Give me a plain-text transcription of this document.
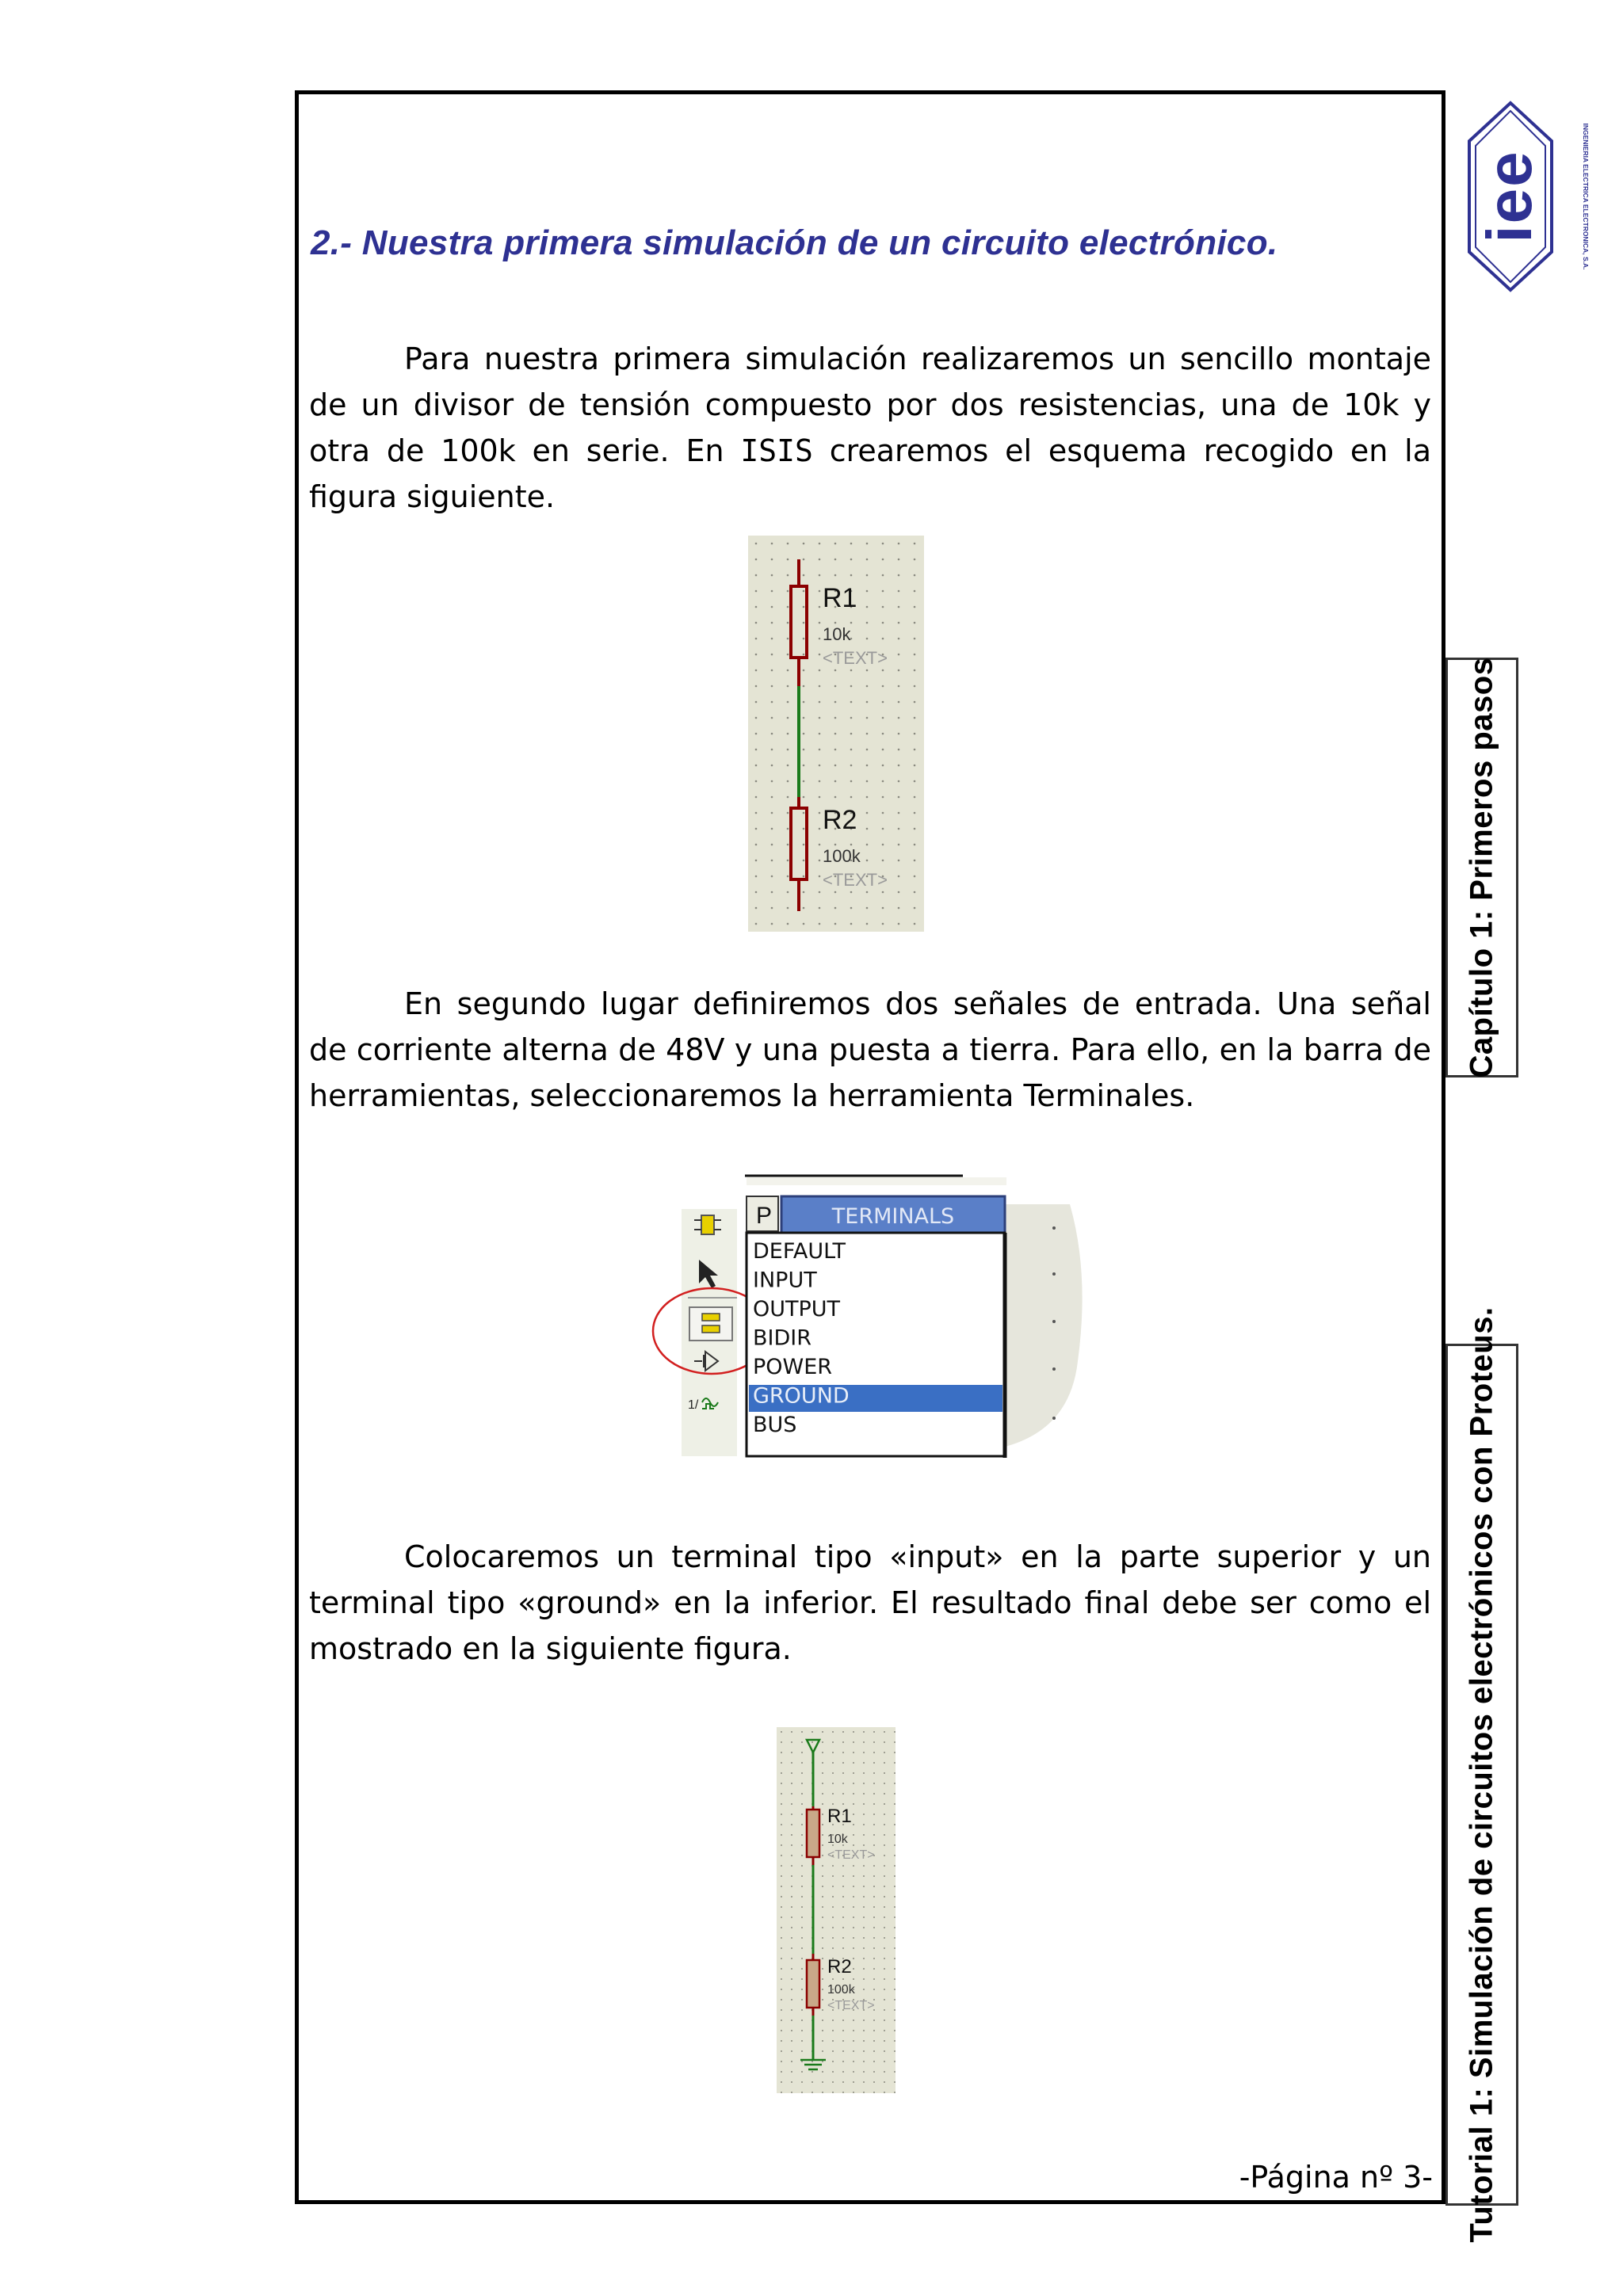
iee	INGENIERIA ELECTRICA ELECTRONICA, S.A.
2.- Nuestra primera simulación de un circuito electrónico.

Para nuestra primera simulación realizaremos un sencillo montaje de un divisor de tensión compuesto por dos resistencias, una de 10k y otra de 100k en serie. En ISIS crearemos el esquema recogido en la figura siguiente.

R1
10k
<TEXT>
R2
100k
<TEXT>

En segundo lugar definiremos dos señales de entrada. Una señal de corriente alterna de 48V y una puesta a tierra. Para ello, en la barra de herramientas, seleccionaremos la herramienta Terminales.

1/
P	TERMINALS
DEFAULT
INPUT
OUTPUT
BIDIR
POWER
GROUND
BUS

Colocaremos un terminal tipo «input» en la parte superior y un terminal tipo «ground» en la inferior. El resultado final debe ser como el mostrado en la siguiente figura.

R1
10k
<TEXT>
R2
100k
<TEXT>
-Página nº 3-
Capítulo 1: Primeros pasos
Tutorial 1: Simulación de circuitos electrónicos con Proteus.
